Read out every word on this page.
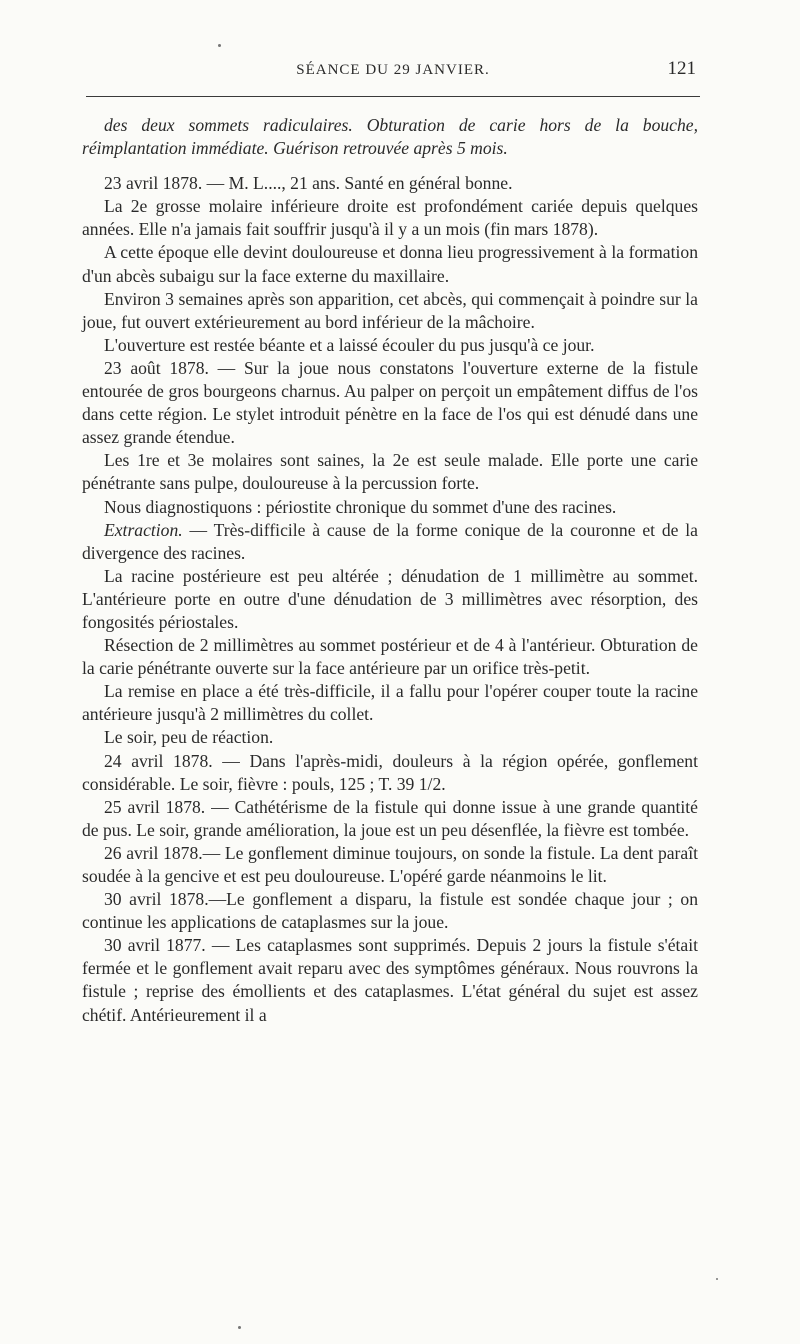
SÉANCE DU 29 JANVIER.	121

des deux sommets radiculaires. Obturation de carie hors de la bouche, réimplantation immédiate. Guérison retrouvée après 5 mois.

23 avril 1878. — M. L...., 21 ans. Santé en général bonne.

La 2e grosse molaire inférieure droite est profondément cariée depuis quelques années. Elle n'a jamais fait souffrir jusqu'à il y a un mois (fin mars 1878).

A cette époque elle devint douloureuse et donna lieu progressivement à la formation d'un abcès subaigu sur la face externe du maxillaire.

Environ 3 semaines après son apparition, cet abcès, qui commençait à poindre sur la joue, fut ouvert extérieurement au bord inférieur de la mâchoire.

L'ouverture est restée béante et a laissé écouler du pus jusqu'à ce jour.

23 août 1878. — Sur la joue nous constatons l'ouverture externe de la fistule entourée de gros bourgeons charnus. Au palper on perçoit un empâtement diffus de l'os dans cette région. Le stylet introduit pénètre en la face de l'os qui est dénudé dans une assez grande étendue.

Les 1re et 3e molaires sont saines, la 2e est seule malade. Elle porte une carie pénétrante sans pulpe, douloureuse à la percussion forte.

Nous diagnostiquons : périostite chronique du sommet d'une des racines.

Extraction. — Très-difficile à cause de la forme conique de la couronne et de la divergence des racines.

La racine postérieure est peu altérée ; dénudation de 1 millimètre au sommet. L'antérieure porte en outre d'une dénudation de 3 millimètres avec résorption, des fongosités périostales.

Résection de 2 millimètres au sommet postérieur et de 4 à l'antérieur. Obturation de la carie pénétrante ouverte sur la face antérieure par un orifice très-petit.

La remise en place a été très-difficile, il a fallu pour l'opérer couper toute la racine antérieure jusqu'à 2 millimètres du collet.

Le soir, peu de réaction.

24 avril 1878. — Dans l'après-midi, douleurs à la région opérée, gonflement considérable. Le soir, fièvre : pouls, 125 ; T. 39 1/2.

25 avril 1878. — Cathétérisme de la fistule qui donne issue à une grande quantité de pus. Le soir, grande amélioration, la joue est un peu désenflée, la fièvre est tombée.

26 avril 1878.— Le gonflement diminue toujours, on sonde la fistule. La dent paraît soudée à la gencive et est peu douloureuse. L'opéré garde néanmoins le lit.

30 avril 1878.—Le gonflement a disparu, la fistule est sondée chaque jour ; on continue les applications de cataplasmes sur la joue.

30 avril 1877. — Les cataplasmes sont supprimés. Depuis 2 jours la fistule s'était fermée et le gonflement avait reparu avec des symptômes généraux. Nous rouvrons la fistule ; reprise des émollients et des cataplasmes. L'état général du sujet est assez chétif. Antérieurement il a
